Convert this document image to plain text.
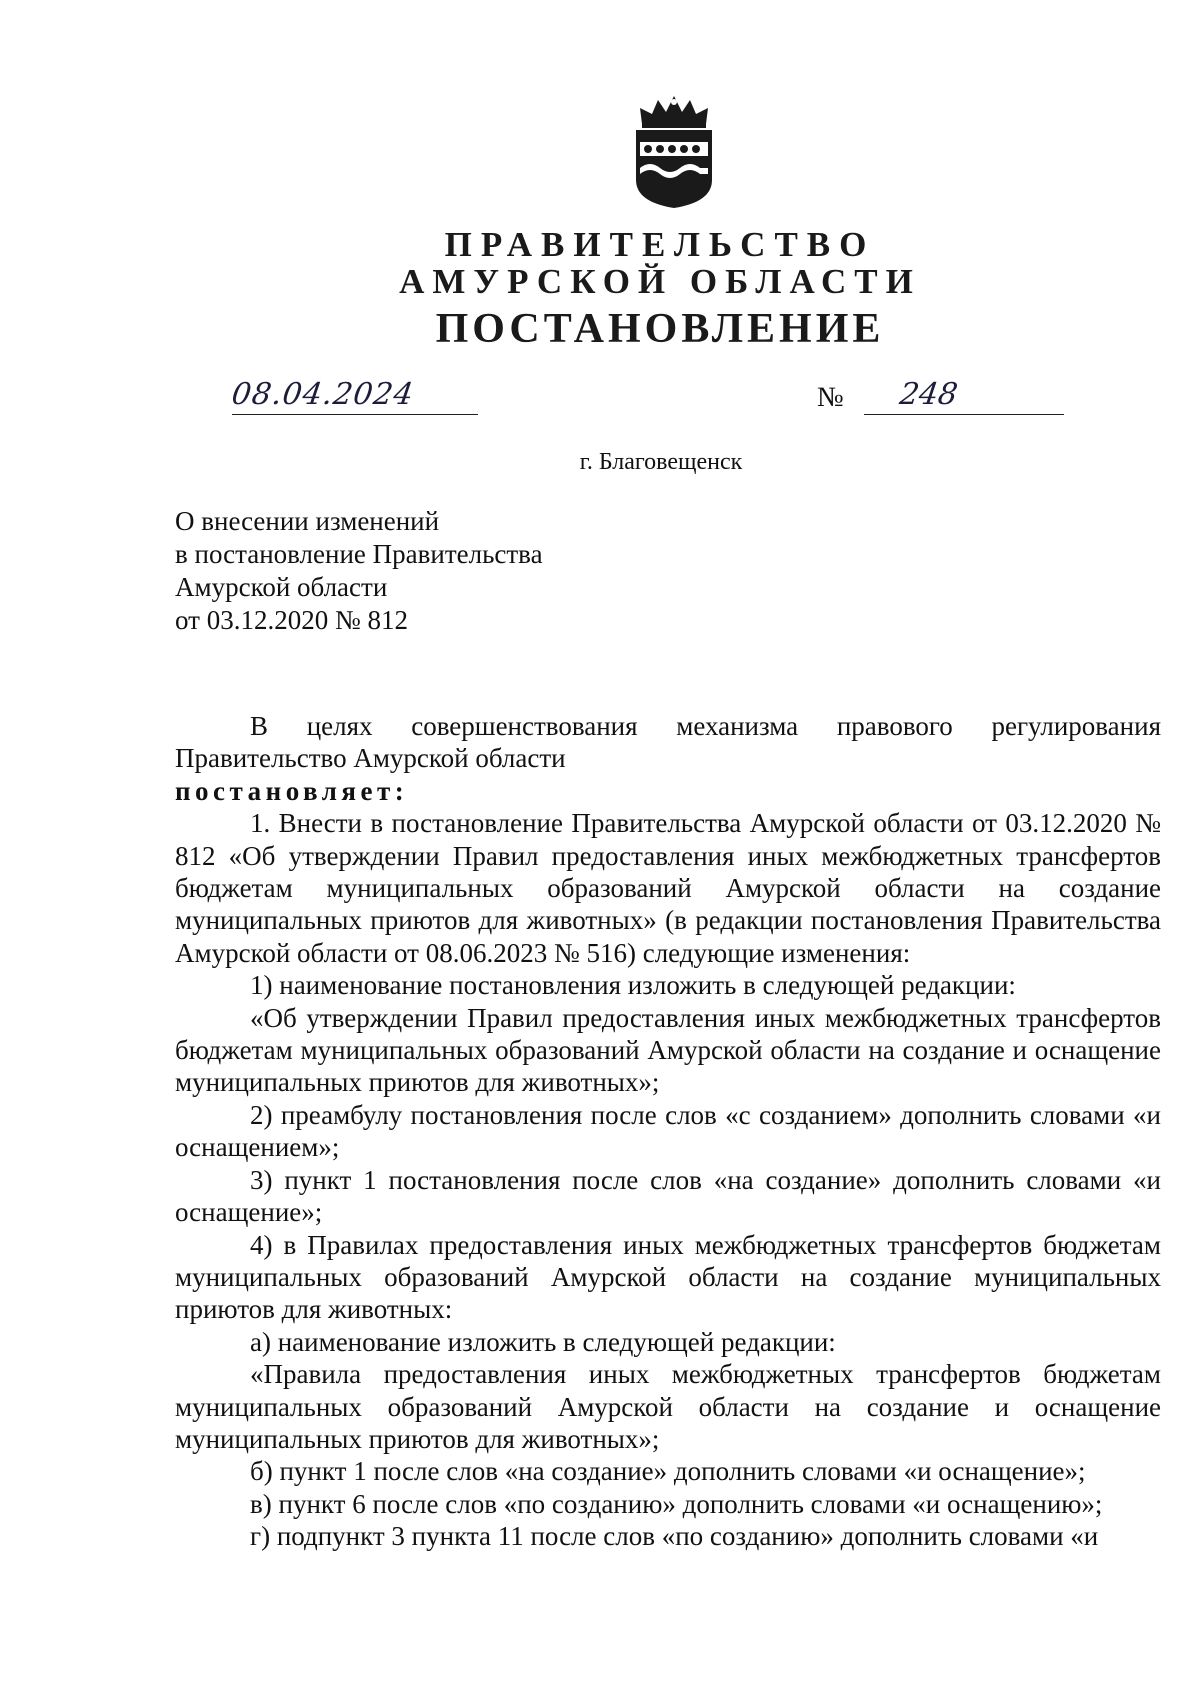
ПРАВИТЕЛЬСТВО
АМУРСКОЙ ОБЛАСТИ
ПОСТАНОВЛЕНИЕ
08.04.2024	№ 248
г. Благовещенск
О внесении изменений
в постановление Правительства
Амурской области
от 03.12.2020 № 812

В целях совершенствования механизма правового регулирования Правительство Амурской области

постановляет:

1. Внести в постановление Правительства Амурской области от 03.12.2020 № 812 «Об утверждении Правил предоставления иных межбюджетных трансфертов бюджетам муниципальных образований Амурской области на создание муниципальных приютов для животных» (в редакции постановления Правительства Амурской области от 08.06.2023 № 516) следующие изменения:

1) наименование постановления изложить в следующей редакции:

«Об утверждении Правил предоставления иных межбюджетных трансфертов бюджетам муниципальных образований Амурской области на создание и оснащение муниципальных приютов для животных»;

2) преамбулу постановления после слов «с созданием» дополнить словами «и оснащением»;

3) пункт 1 постановления после слов «на создание» дополнить словами «и оснащение»;

4) в Правилах предоставления иных межбюджетных трансфертов бюджетам муниципальных образований Амурской области на создание муниципальных приютов для животных:

а) наименование изложить в следующей редакции:

«Правила предоставления иных межбюджетных трансфертов бюджетам муниципальных образований Амурской области на создание и оснащение муниципальных приютов для животных»;

б) пункт 1 после слов «на создание» дополнить словами «и оснащение»;

в) пункт 6 после слов «по созданию» дополнить словами «и оснащению»;

г) подпункт 3 пункта 11 после слов «по созданию» дополнить словами «и
